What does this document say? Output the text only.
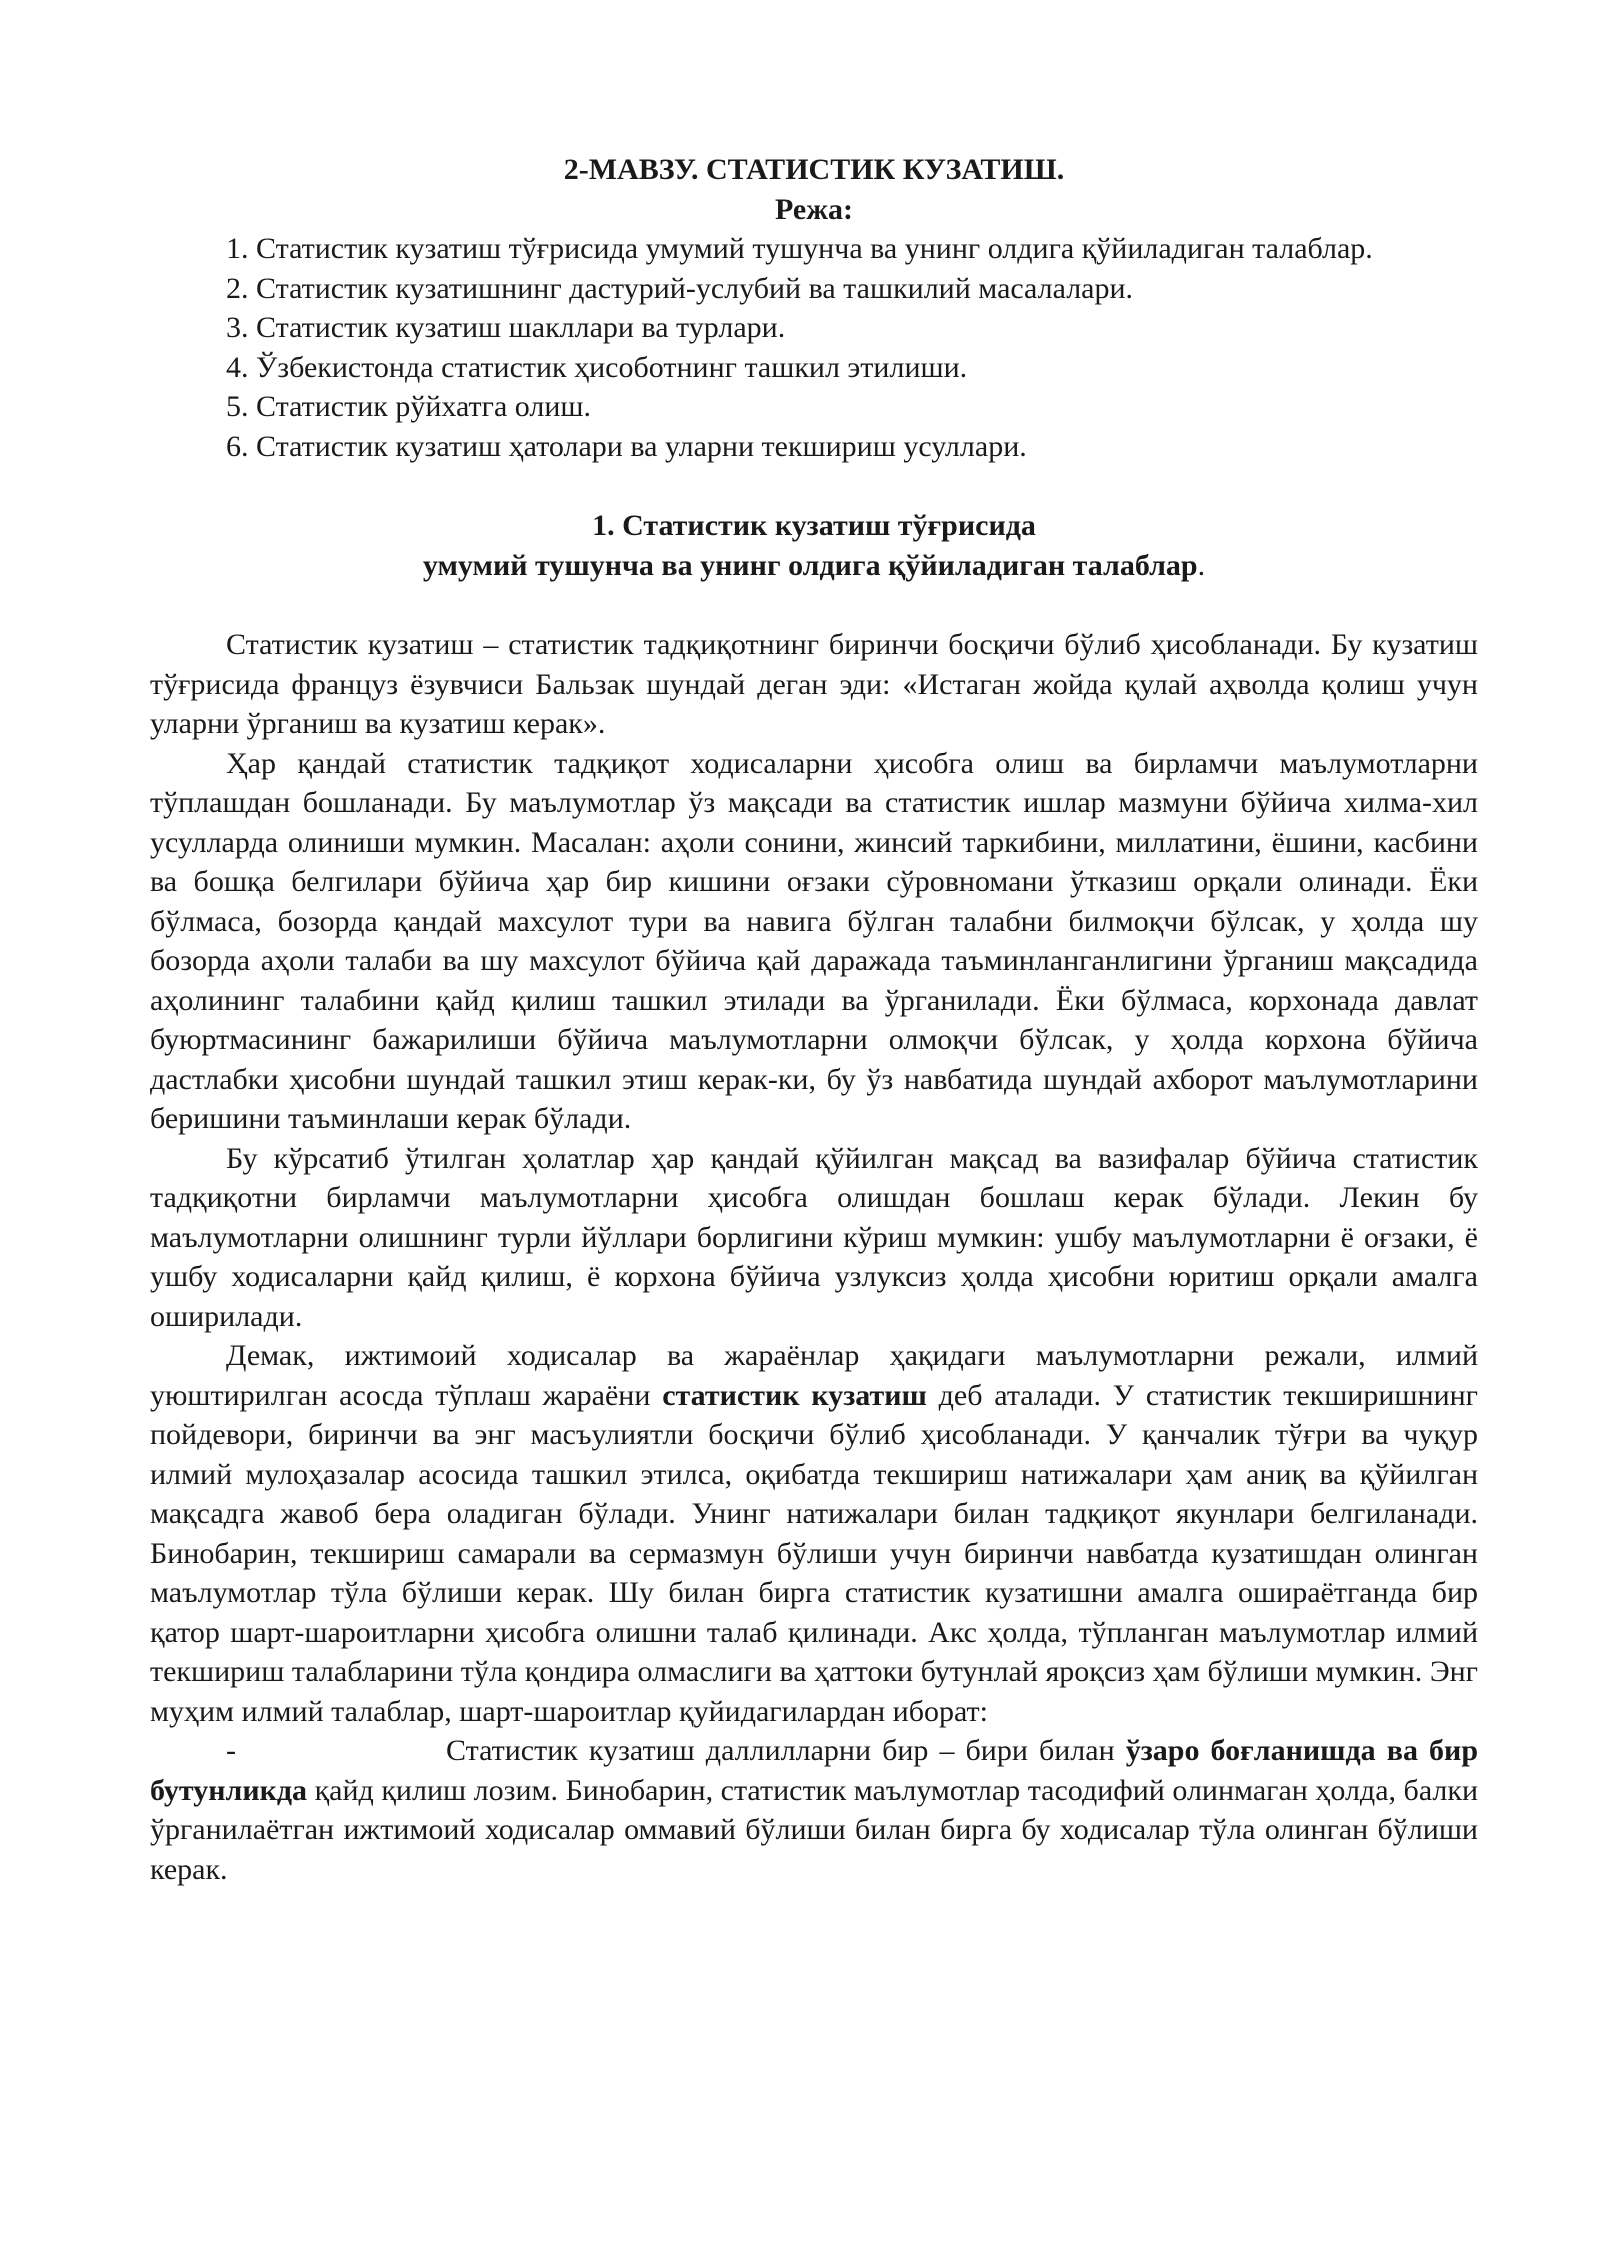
2-МАВЗУ. СТАТИСТИК КУЗАТИШ.

Режа:

1. Статистик кузатиш тўғрисида умумий тушунча ва унинг олдига қўйиладиган талаблар.

2. Статистик кузатишнинг дастурий-услубий ва ташкилий масалалари.

3. Статистик кузатиш шакллари ва турлари.

4. Ўзбекистонда статистик ҳисоботнинг ташкил этилиши.

5. Статистик рўйхатга олиш.

6. Статистик кузатиш ҳатолари ва уларни текшириш усуллари.

1. Статистик кузатиш тўғрисида
умумий тушунча ва унинг олдига қўйиладиган талаблар.

Статистик кузатиш – статистик тадқиқотнинг биринчи босқичи бўлиб ҳисобланади. Бу кузатиш тўғрисида француз ёзувчиси Бальзак шундай деган эди: «Истаган жойда қулай аҳволда қолиш учун уларни ўрганиш ва кузатиш керак».

Ҳар қандай статистик тадқиқот ходисаларни ҳисобга олиш ва бирламчи маълумотларни тўплашдан бошланади. Бу маълумотлар ўз мақсади ва статистик ишлар мазмуни бўйича хилма-хил усулларда олиниши мумкин. Масалан: аҳоли сонини, жинсий таркибини, миллатини, ёшини, касбини ва бошқа белгилари бўйича ҳар бир кишини оғзаки сўровномани ўтказиш орқали олинади. Ёки бўлмаса, бозорда қандай махсулот тури ва навига бўлган талабни билмоқчи бўлсак, у ҳолда шу бозорда аҳоли талаби ва шу махсулот бўйича қай даражада таъминланганлигини ўрганиш мақсадида аҳолининг талабини қайд қилиш ташкил этилади ва ўрганилади. Ёки бўлмаса, корхонада давлат буюртмасининг бажарилиши бўйича маълумотларни олмоқчи бўлсак, у ҳолда корхона бўйича дастлабки ҳисобни шундай ташкил этиш керак-ки, бу ўз навбатида шундай ахборот маълумотларини беришини таъминлаши керак бўлади.

Бу кўрсатиб ўтилган ҳолатлар ҳар қандай қўйилган мақсад ва вазифалар бўйича статистик тадқиқотни бирламчи маълумотларни ҳисобга олишдан бошлаш керак бўлади. Лекин бу маълумотларни олишнинг турли йўллари борлигини кўриш мумкин: ушбу маълумотларни ё оғзаки, ё ушбу ходисаларни қайд қилиш, ё корхона бўйича узлуксиз ҳолда ҳисобни юритиш орқали амалга оширилади.

Демак, ижтимоий ходисалар ва жараёнлар ҳақидаги маълумотларни режали, илмий уюштирилган асосда тўплаш жараёни статистик кузатиш деб аталади. У статистик текширишнинг пойдевори, биринчи ва энг масъулиятли босқичи бўлиб ҳисобланади. У қанчалик тўғри ва чуқур илмий мулоҳазалар асосида ташкил этилса, оқибатда текшириш натижалари ҳам аниқ ва қўйилган мақсадга жавоб бера оладиган бўлади. Унинг натижалари билан тадқиқот якунлари белгиланади. Бинобарин, текшириш самарали ва сермазмун бўлиши учун биринчи навбатда кузатишдан олинган маълумотлар тўла бўлиши керак. Шу билан бирга статистик кузатишни амалга ошираётганда бир қатор шарт-шароитларни ҳисобга олишни талаб қилинади. Акс ҳолда, тўпланган маълумотлар илмий текшириш талабларини тўла қондира олмаслиги ва ҳаттоки бутунлай яроқсиз ҳам бўлиши мумкин. Энг муҳим илмий талаблар, шарт-шароитлар қуйидагилардан иборат:

-	Статистик кузатиш даллилларни бир – бири билан ўзаро боғланишда ва бир бутунликда қайд қилиш лозим. Бинобарин, статистик маълумотлар тасодифий олинмаган ҳолда, балки ўрганилаётган ижтимоий ходисалар оммавий бўлиши билан бирга бу ходисалар тўла олинган бўлиши керак.
